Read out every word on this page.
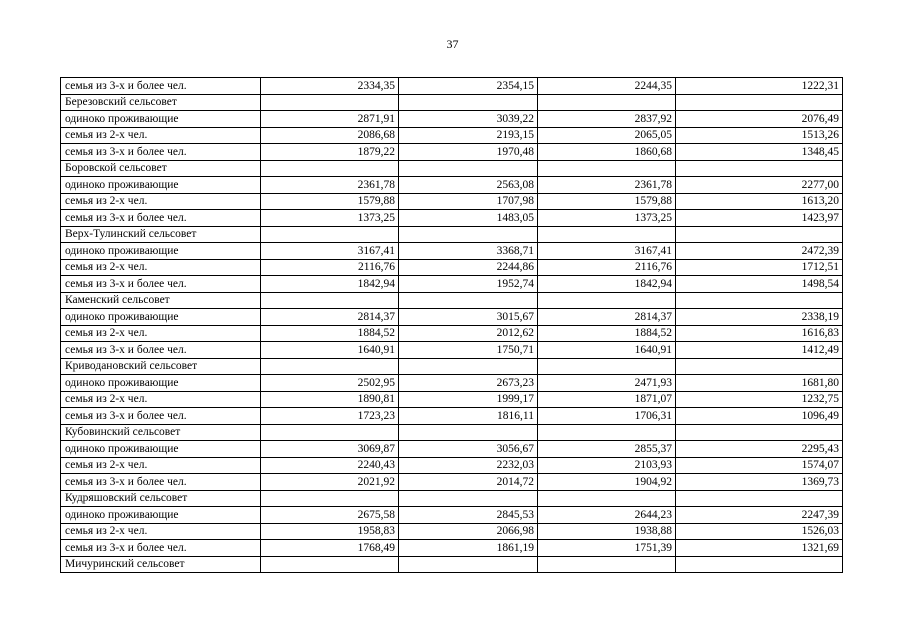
37
семья из 3-х и более чел.	2334,35	2354,15	2244,35	1222,31
Березовский сельсовет				
одиноко проживающие	2871,91	3039,22	2837,92	2076,49
семья из 2-х чел.	2086,68	2193,15	2065,05	1513,26
семья из 3-х и более чел.	1879,22	1970,48	1860,68	1348,45
Боровской сельсовет				
одиноко проживающие	2361,78	2563,08	2361,78	2277,00
семья из 2-х чел.	1579,88	1707,98	1579,88	1613,20
семья из 3-х и более чел.	1373,25	1483,05	1373,25	1423,97
Верх-Тулинский сельсовет				
одиноко проживающие	3167,41	3368,71	3167,41	2472,39
семья из 2-х чел.	2116,76	2244,86	2116,76	1712,51
семья из 3-х и более чел.	1842,94	1952,74	1842,94	1498,54
Каменский сельсовет				
одиноко проживающие	2814,37	3015,67	2814,37	2338,19
семья из 2-х чел.	1884,52	2012,62	1884,52	1616,83
семья из 3-х и более чел.	1640,91	1750,71	1640,91	1412,49
Криводановский сельсовет				
одиноко проживающие	2502,95	2673,23	2471,93	1681,80
семья из 2-х чел.	1890,81	1999,17	1871,07	1232,75
семья из 3-х и более чел.	1723,23	1816,11	1706,31	1096,49
Кубовинский сельсовет				
одиноко проживающие	3069,87	3056,67	2855,37	2295,43
семья из 2-х чел.	2240,43	2232,03	2103,93	1574,07
семья из 3-х и более чел.	2021,92	2014,72	1904,92	1369,73
Кудряшовский сельсовет				
одиноко проживающие	2675,58	2845,53	2644,23	2247,39
семья из 2-х чел.	1958,83	2066,98	1938,88	1526,03
семья из 3-х и более чел.	1768,49	1861,19	1751,39	1321,69
Мичуринский сельсовет				
